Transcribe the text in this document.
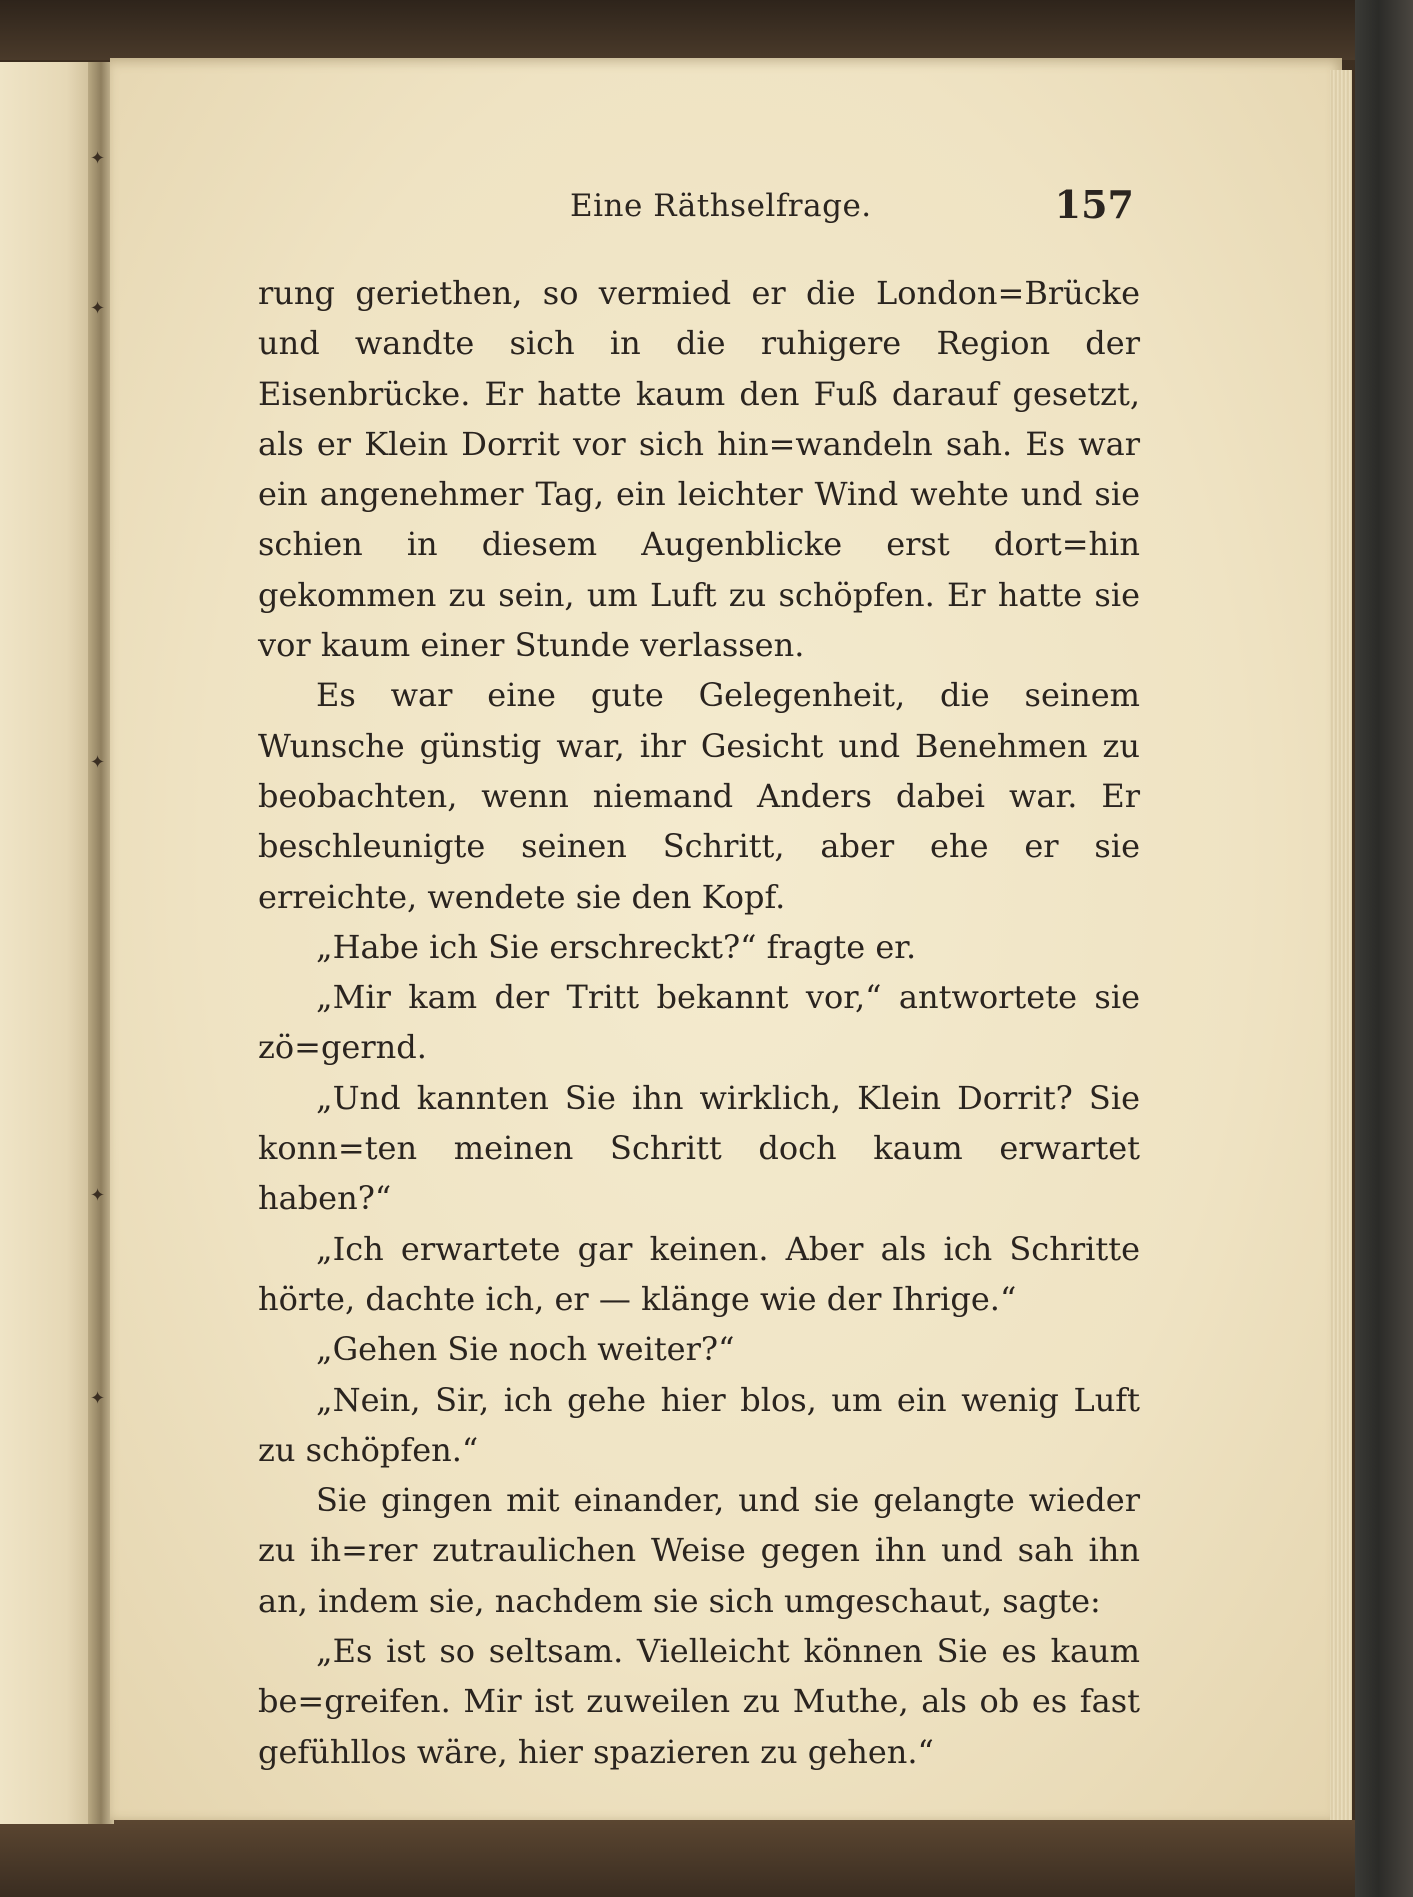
✦
✦
✦
✦
✦
Eine Räthselfrage.	157

rung geriethen, so vermied er die London=Brücke und wandte sich in die ruhigere Region der Eisenbrücke. Er hatte kaum den Fuß darauf gesetzt, als er Klein Dorrit vor sich hin=wandeln sah. Es war ein angenehmer Tag, ein leichter Wind wehte und sie schien in diesem Augenblicke erst dort=hin gekommen zu sein, um Luft zu schöpfen. Er hatte sie vor kaum einer Stunde verlassen.

Es war eine gute Gelegenheit, die seinem Wunsche günstig war, ihr Gesicht und Benehmen zu beobachten, wenn niemand Anders dabei war. Er beschleunigte seinen Schritt, aber ehe er sie erreichte, wendete sie den Kopf.

„Habe ich Sie erschreckt?“ fragte er.

„Mir kam der Tritt bekannt vor,“ antwortete sie zö=gernd.

„Und kannten Sie ihn wirklich, Klein Dorrit? Sie konn=ten meinen Schritt doch kaum erwartet haben?“

„Ich erwartete gar keinen. Aber als ich Schritte hörte, dachte ich, er — klänge wie der Ihrige.“

„Gehen Sie noch weiter?“

„Nein, Sir, ich gehe hier blos, um ein wenig Luft zu schöpfen.“

Sie gingen mit einander, und sie gelangte wieder zu ih=rer zutraulichen Weise gegen ihn und sah ihn an, indem sie, nachdem sie sich umgeschaut, sagte:

„Es ist so seltsam. Vielleicht können Sie es kaum be=greifen. Mir ist zuweilen zu Muthe, als ob es fast gefühllos wäre, hier spazieren zu gehen.“
